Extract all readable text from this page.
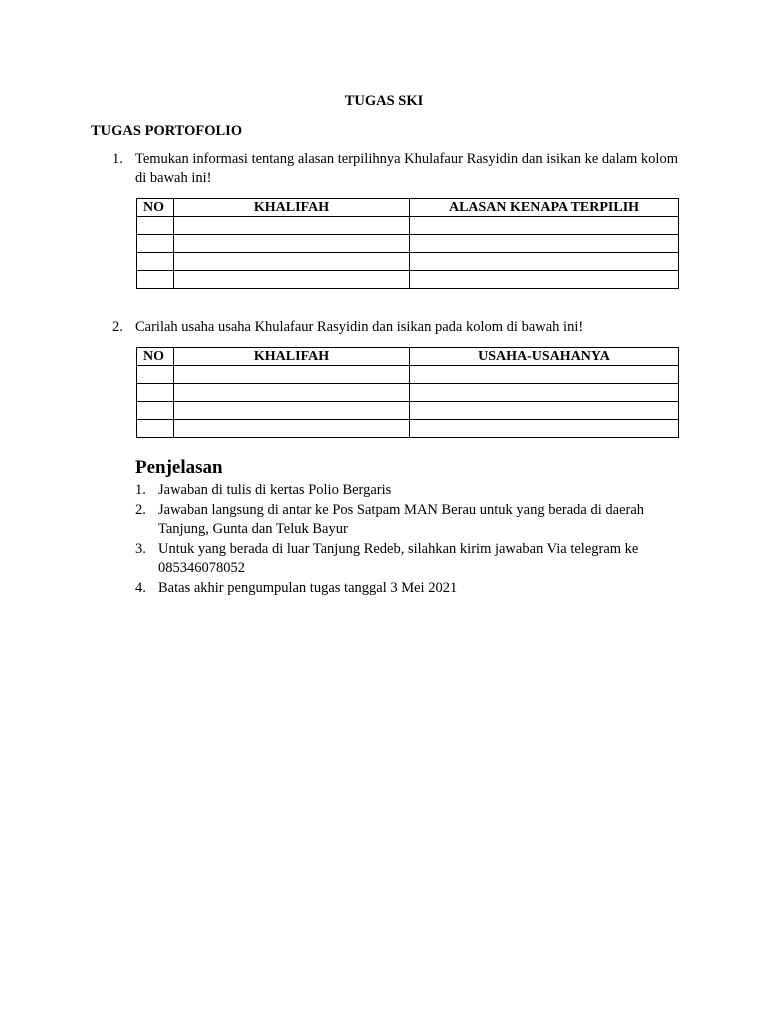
TUGAS SKI
TUGAS PORTOFOLIO
1. Temukan informasi tentang alasan terpilihnya Khulafaur Rasyidin dan isikan ke dalam kolom di bawah ini!
NO	KHALIFAH	ALASAN KENAPA TERPILIH

2. Carilah usaha usaha Khulafaur Rasyidin dan isikan pada kolom di bawah ini!
NO	KHALIFAH	USAHA-USAHANYA

Penjelasan
1. Jawaban di tulis di kertas Polio Bergaris
2. Jawaban langsung di antar ke Pos Satpam MAN Berau untuk yang berada di daerah Tanjung, Gunta dan Teluk Bayur
3. Untuk yang berada di luar Tanjung Redeb, silahkan kirim jawaban Via telegram ke 085346078052
4. Batas akhir pengumpulan tugas tanggal 3 Mei 2021
